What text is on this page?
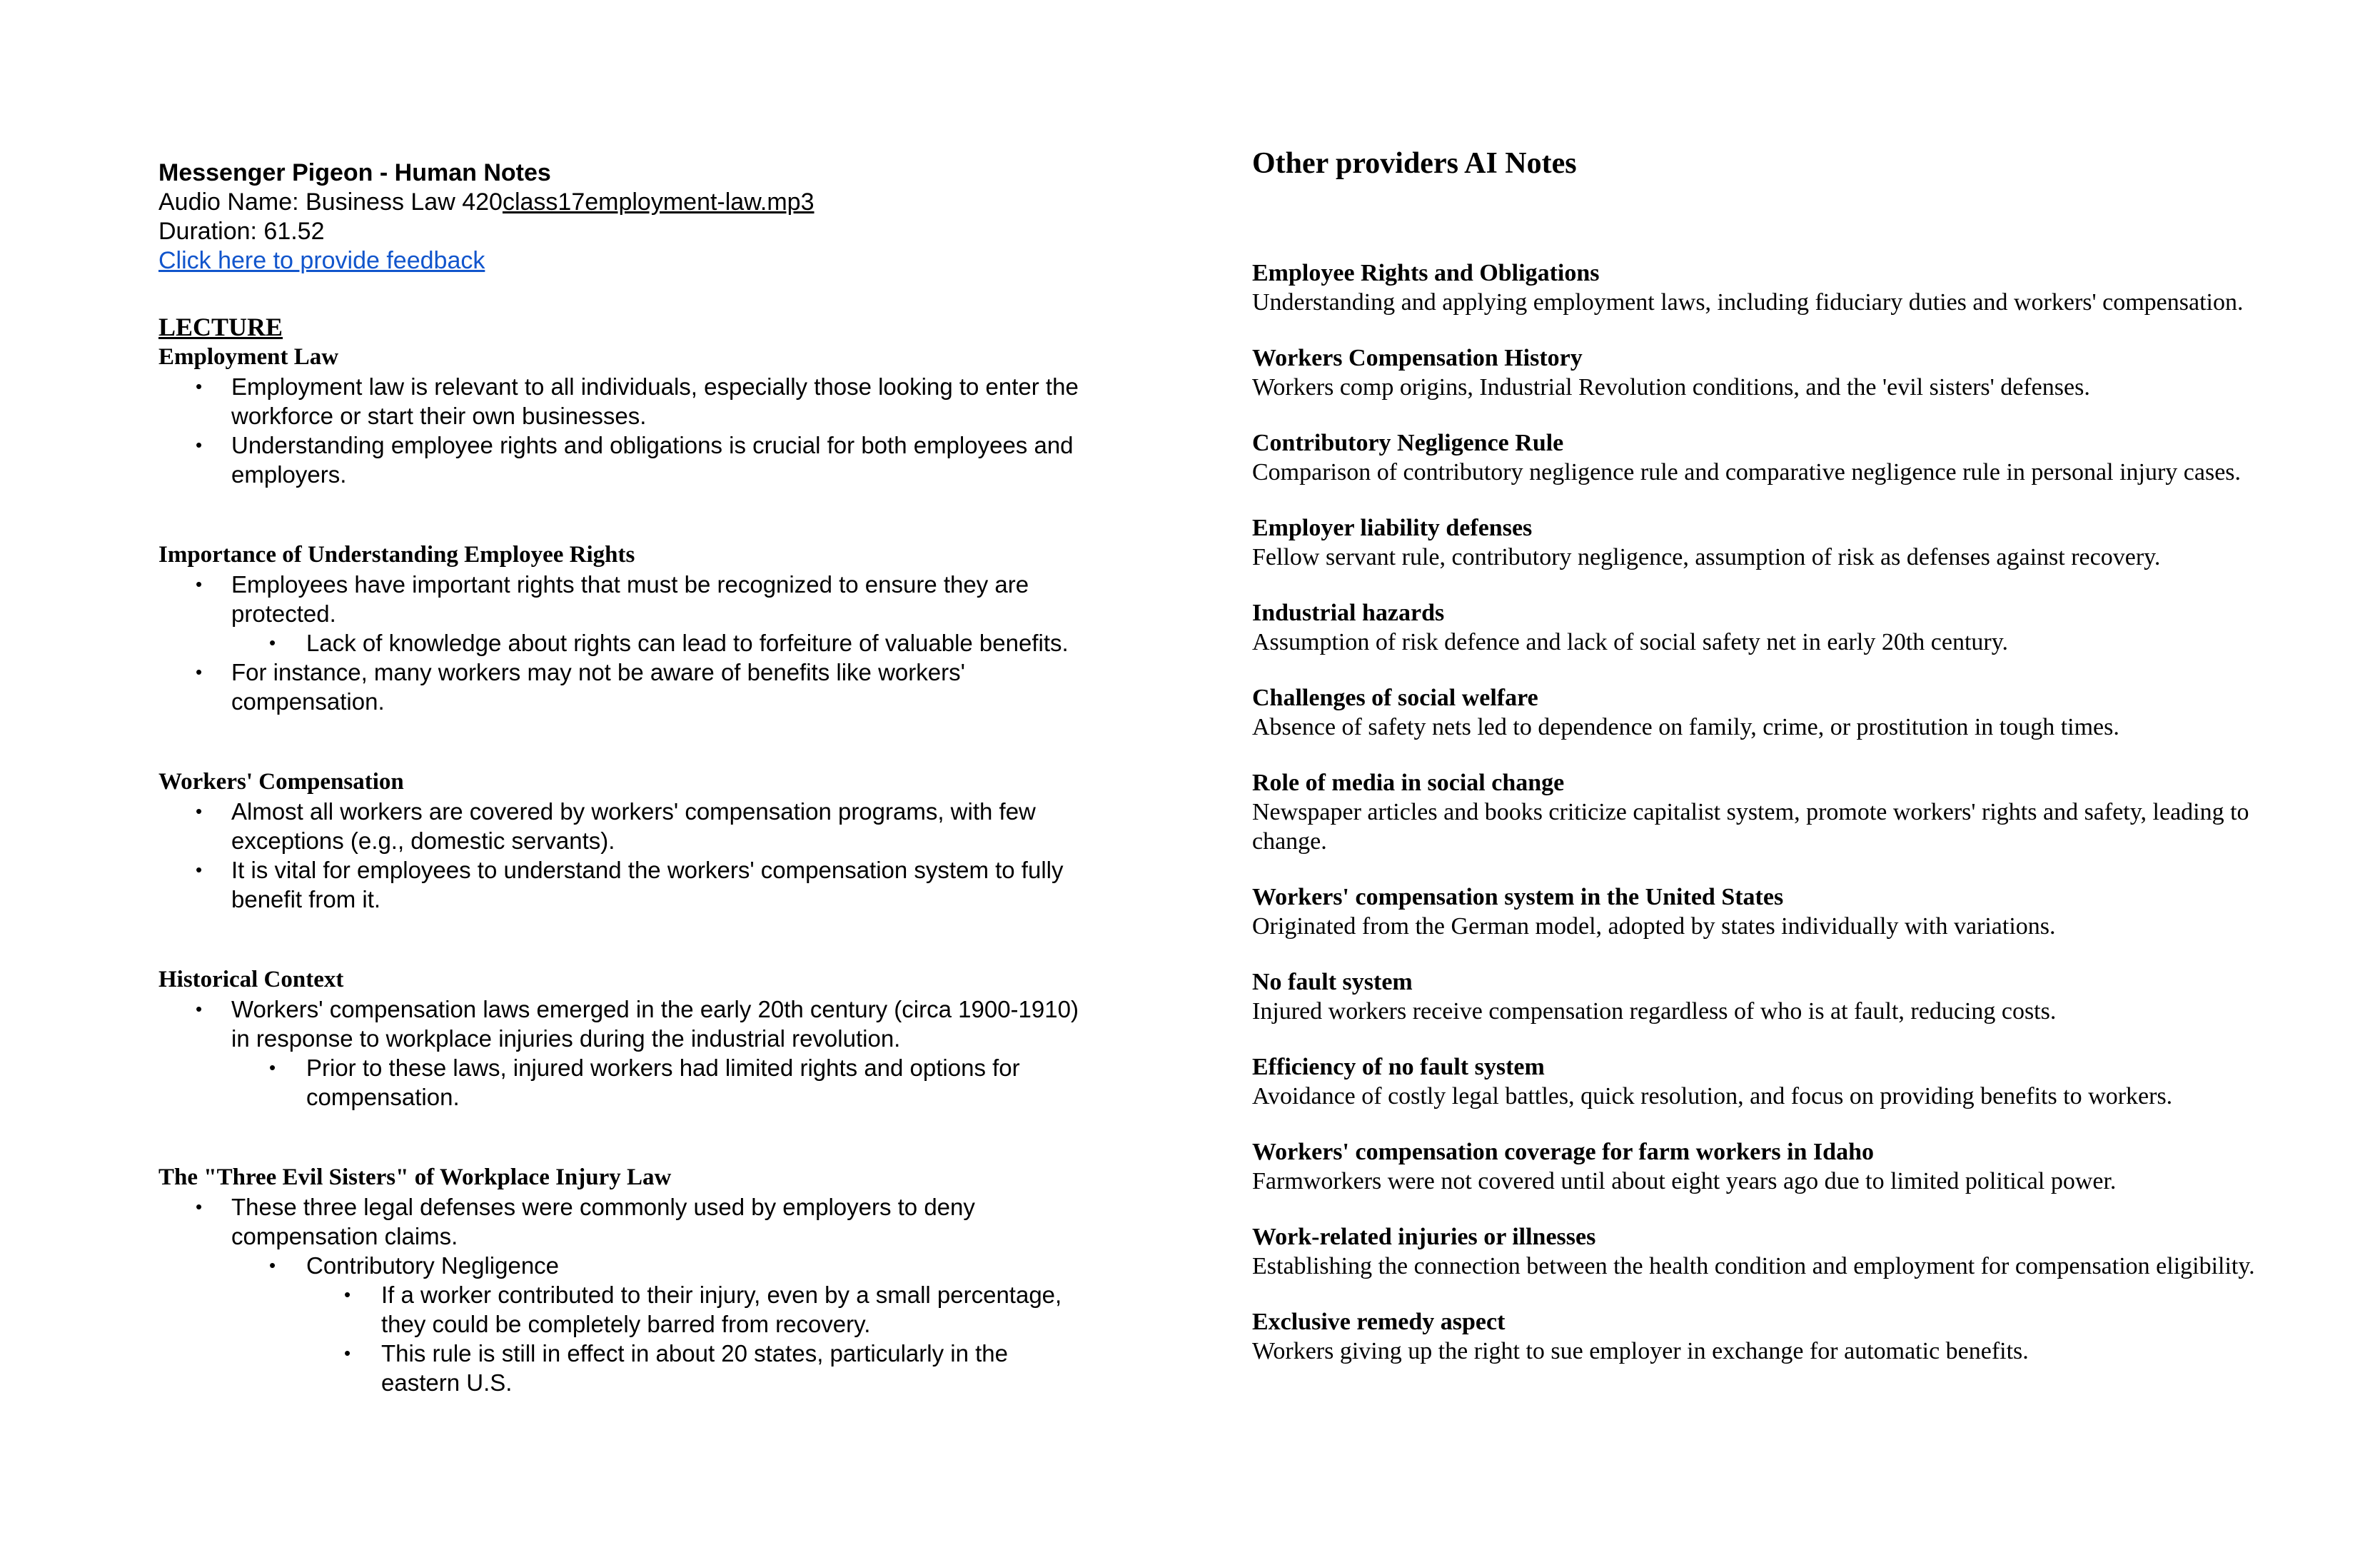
Messenger Pigeon - Human Notes
Audio Name: Business Law 420class17employment-law.mp3
Duration: 61.52
Click here to provide feedback
LECTURE
Employment Law
• Employment law is relevant to all individuals, especially those looking to enter the workforce or start their own businesses.
• Understanding employee rights and obligations is crucial for both employees and employers.
Importance of Understanding Employee Rights
• Employees have important rights that must be recognized to ensure they are protected.
• Lack of knowledge about rights can lead to forfeiture of valuable benefits.
• For instance, many workers may not be aware of benefits like workers' compensation.
Workers' Compensation
• Almost all workers are covered by workers' compensation programs, with few exceptions (e.g., domestic servants).
• It is vital for employees to understand the workers' compensation system to fully benefit from it.
Historical Context
• Workers' compensation laws emerged in the early 20th century (circa 1900-1910) in response to workplace injuries during the industrial revolution.
• Prior to these laws, injured workers had limited rights and options for compensation.
The "Three Evil Sisters" of Workplace Injury Law
• These three legal defenses were commonly used by employers to deny compensation claims.
• Contributory Negligence
• If a worker contributed to their injury, even by a small percentage, they could be completely barred from recovery.
• This rule is still in effect in about 20 states, particularly in the eastern U.S.
Other providers AI Notes
Employee Rights and Obligations
Understanding and applying employment laws, including fiduciary duties and workers' compensation.
Workers Compensation History
Workers comp origins, Industrial Revolution conditions, and the 'evil sisters' defenses.
Contributory Negligence Rule
Comparison of contributory negligence rule and comparative negligence rule in personal injury cases.
Employer liability defenses
Fellow servant rule, contributory negligence, assumption of risk as defenses against recovery.
Industrial hazards
Assumption of risk defence and lack of social safety net in early 20th century.
Challenges of social welfare
Absence of safety nets led to dependence on family, crime, or prostitution in tough times.
Role of media in social change
Newspaper articles and books criticize capitalist system, promote workers' rights and safety, leading to change.
Workers' compensation system in the United States
Originated from the German model, adopted by states individually with variations.
No fault system
Injured workers receive compensation regardless of who is at fault, reducing costs.
Efficiency of no fault system
Avoidance of costly legal battles, quick resolution, and focus on providing benefits to workers.
Workers' compensation coverage for farm workers in Idaho
Farmworkers were not covered until about eight years ago due to limited political power.
Work-related injuries or illnesses
Establishing the connection between the health condition and employment for compensation eligibility.
Exclusive remedy aspect
Workers giving up the right to sue employer in exchange for automatic benefits.
